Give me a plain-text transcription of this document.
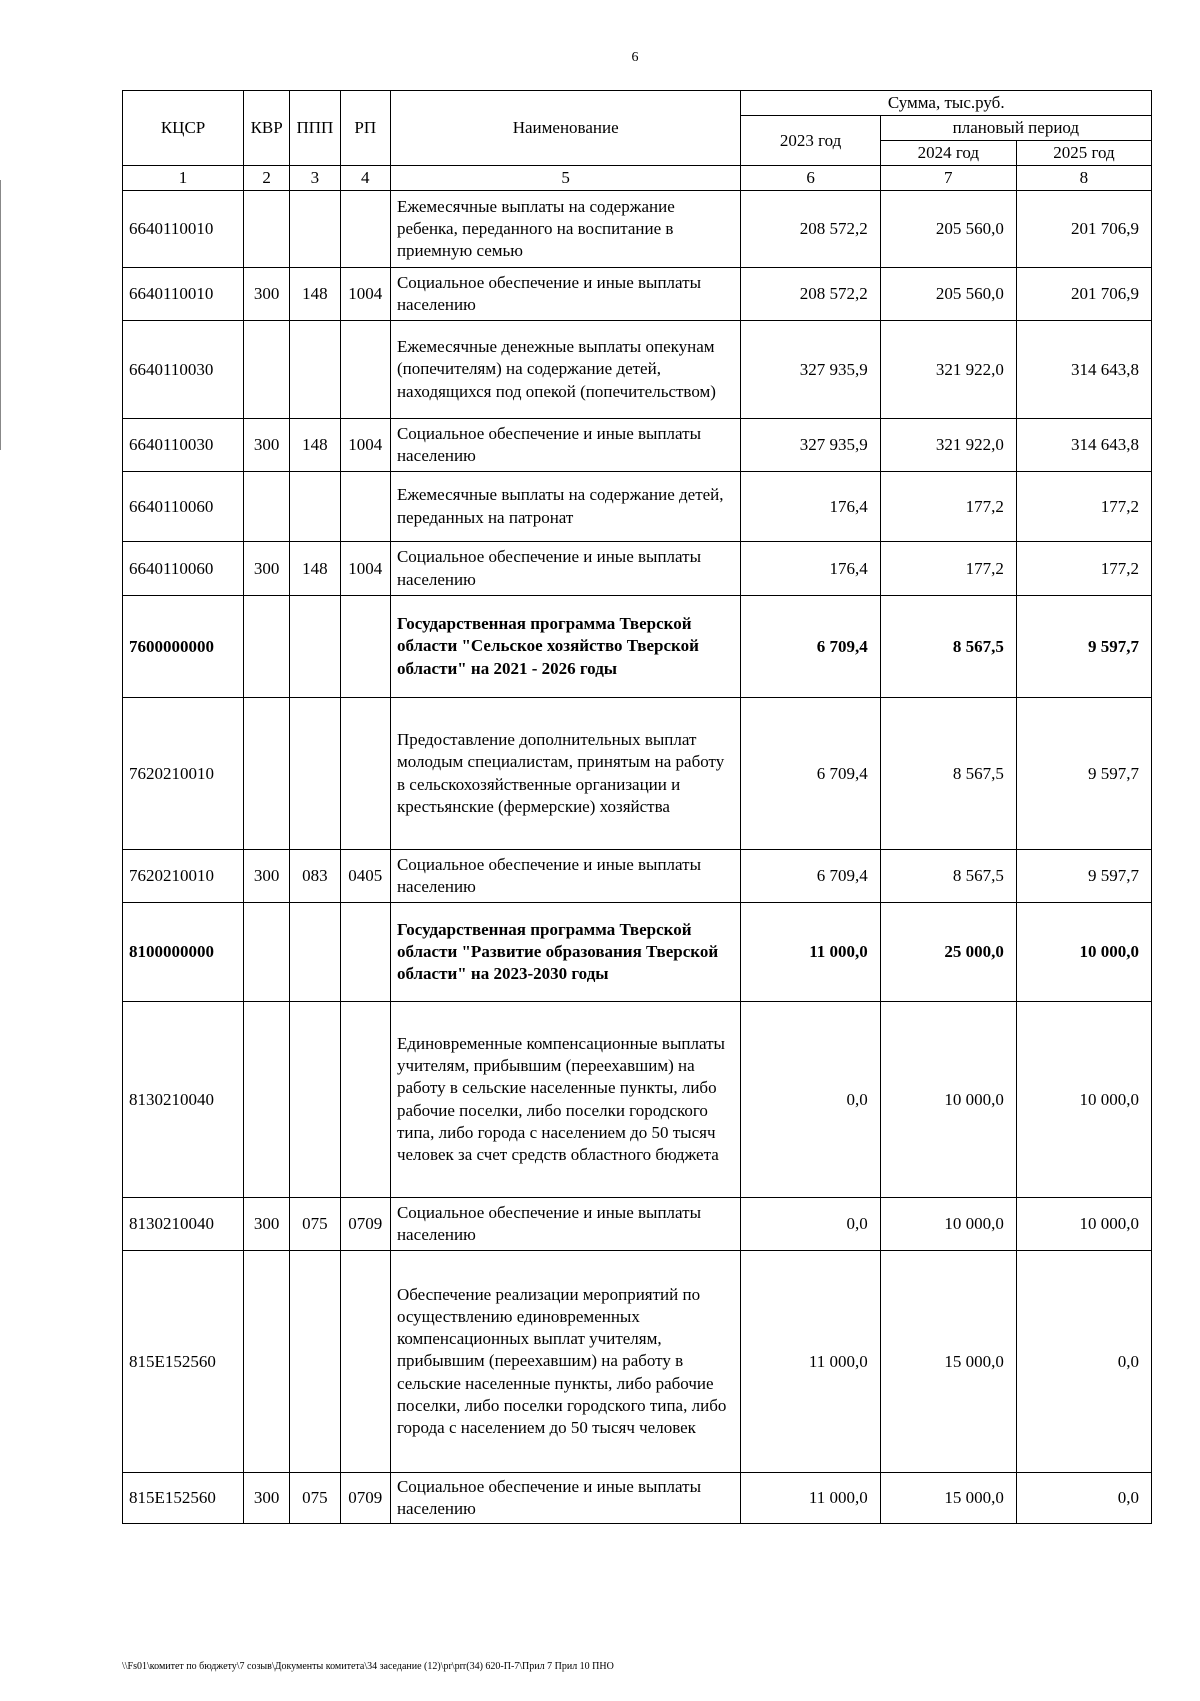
6
КЦСР	КВР	ППП	РП	Наименование	Сумма, тыс.руб.		
					2023 год	плановый период	
						2024 год	2025 год
1	2	3	4	5	6	7	8
6640110010				Ежемесячные выплаты на содержание ребенка, переданного на воспитание в приемную семью	208 572,2	205 560,0	201 706,9
6640110010	300	148	1004	Социальное обеспечение и иные выплаты населению	208 572,2	205 560,0	201 706,9
6640110030				Ежемесячные денежные выплаты опекунам (попечителям) на содержание детей, находящихся под опекой (попечительством)	327 935,9	321 922,0	314 643,8
6640110030	300	148	1004	Социальное обеспечение и иные выплаты населению	327 935,9	321 922,0	314 643,8
6640110060				Ежемесячные выплаты на содержание детей, переданных на патронат	176,4	177,2	177,2
6640110060	300	148	1004	Социальное обеспечение и иные выплаты населению	176,4	177,2	177,2
7600000000				Государственная программа Тверской области "Сельское хозяйство Тверской области" на 2021 - 2026 годы	6 709,4	8 567,5	9 597,7
7620210010				Предоставление дополнительных выплат молодым специалистам, принятым на работу в сельскохозяйственные организации и крестьянские (фермерские) хозяйства	6 709,4	8 567,5	9 597,7
7620210010	300	083	0405	Социальное обеспечение и иные выплаты населению	6 709,4	8 567,5	9 597,7
8100000000				Государственная программа Тверской области "Развитие образования Тверской области" на 2023-2030 годы	11 000,0	25 000,0	10 000,0
8130210040				Единовременные компенсационные выплаты учителям, прибывшим (переехавшим) на работу в сельские населенные пункты, либо рабочие поселки, либо поселки городского типа, либо города с населением до 50 тысяч человек за счет средств областного бюджета	0,0	10 000,0	10 000,0
8130210040	300	075	0709	Социальное обеспечение и иные выплаты населению	0,0	10 000,0	10 000,0
815E152560				Обеспечение реализации мероприятий по осуществлению единовременных компенсационных выплат учителям, прибывшим (переехавшим) на работу в сельские населенные пункты, либо рабочие поселки, либо поселки городского типа, либо города с населением до 50 тысяч человек	11 000,0	15 000,0	0,0
815E152560	300	075	0709	Социальное обеспечение и иные выплаты населению	11 000,0	15 000,0	0,0
\\Fs01\комитет по бюджету\7 созыв\Документы комитета\34 заседание (12)\pr\prr(34) 620-П-7\Прил 7 Прил 10 ПНО
